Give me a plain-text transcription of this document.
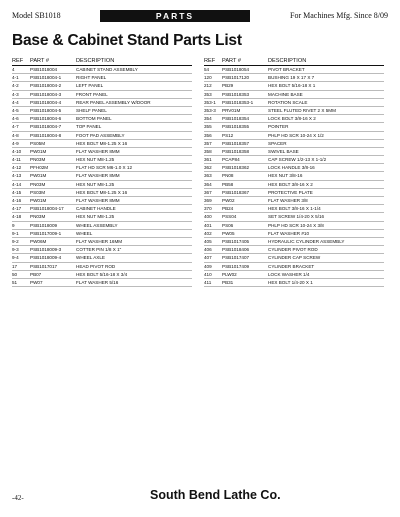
Model SB1018	PARTS	For Machines Mfg. Since 8/09
Base & Cabinet Stand Parts List
REF	PART #	DESCRIPTION
4	PSB1018004	CABINET STAND ASSEMBLY
4-1	PSB1018004-1	RIGHT PANEL
4-2	PSB1018004-2	LEFT PANEL
4-3	PSB1018004-3	FRONT PANEL
4-4	PSB1018004-4	REAR PANEL ASSEMBLY W/DOOR
4-5	PSB1018004-5	SHELF PANEL
4-6	PSB1018004-6	BOTTOM PANEL
4-7	PSB1018004-7	TOP PANEL
4-8	PSB1018004-8	FOOT PAD ASSEMBLY
4-9	PS05M	HEX BOLT M8-1.25 X 16
4-10	PW01M	FLAT WASHER 8MM
4-11	PN03M	HEX NUT M8-1.25
4-12	PFH02M	FLAT HD SCR M6-1.0 X 12
4-13	PW01M	FLAT WASHER 8MM
4-14	PN03M	HEX NUT M8-1.25
4-15	PS03M	HEX BOLT M8-1.25 X 16
4-16	PW01M	FLAT WASHER 8MM
4-17	PSB1018004-17	CABINET HANDLE
4-18	PN03M	HEX NUT M8-1.25
9	PSB1018009	WHEEL ASSEMBLY
9-1	PSB1017009-1	WHEEL
9-2	PW06M	FLAT WASHER 16MM
9-3	PSB1018009-3	COTTER PIN 1/8 X 1"
9-4	PSB1018009-4	WHEEL AXLE
17	PSB1017017	HEAD PIVOT ROD
50	PB07	HEX BOLT 5/16-18 X 3/4
51	PW07	FLAT WASHER 5/16
REF	PART #	DESCRIPTION
54	PSB1018054	PIVOT BRACKET
120	PSB1017120	BUSHING 19 X 17 X 7
212	PB29	HEX BOLT 5/16-18 X 1
353	PSB1018353	MACHINE BASE
353-1	PSB1018353-1	ROTATION SCALE
353-3	PRV01M	STEEL FLUTED RIVET 2 X 5MM
354	PSB1018354	LOCK BOLT 3/8-16 X 2
355	PSB1018355	POINTER
356	PS12	PHLP HD SCR 10-24 X 1/2
357	PSB1018357	SPACER
358	PSB1018358	SWIVEL BASE
361	PCAP84	CAP SCREW 1/2-13 X 1-1/2
362	PSB1018362	LOCK HANDLE 3/8-16
363	PN08	HEX NUT 3/8-16
364	PB58	HEX BOLT 3/8-16 X 2
367	PSB1018367	PROTECTIVE PLATE
369	PW02	FLAT WASHER 3/8
370	PB24	HEX BOLT 3/8-16 X 1-1/4
400	PSS04	SET SCREW 1/4-20 X 5/16
401	PS06	PHLP HD SCR 10-24 X 3/8
402	PW05	FLAT WASHER #10
405	PSB1017405	HYDRAULIC CYLINDER ASSEMBLY
406	PSB1018406	CYLINDER PIVOT ROD
407	PSB1017407	CYLINDER CAP SCREW
409	PSB1017409	CYLINDER BRACKET
410	PLW02	LOCK WASHER 1/4
411	PB31	HEX BOLT 1/4-20 X 1
-42-	South Bend Lathe Co.
